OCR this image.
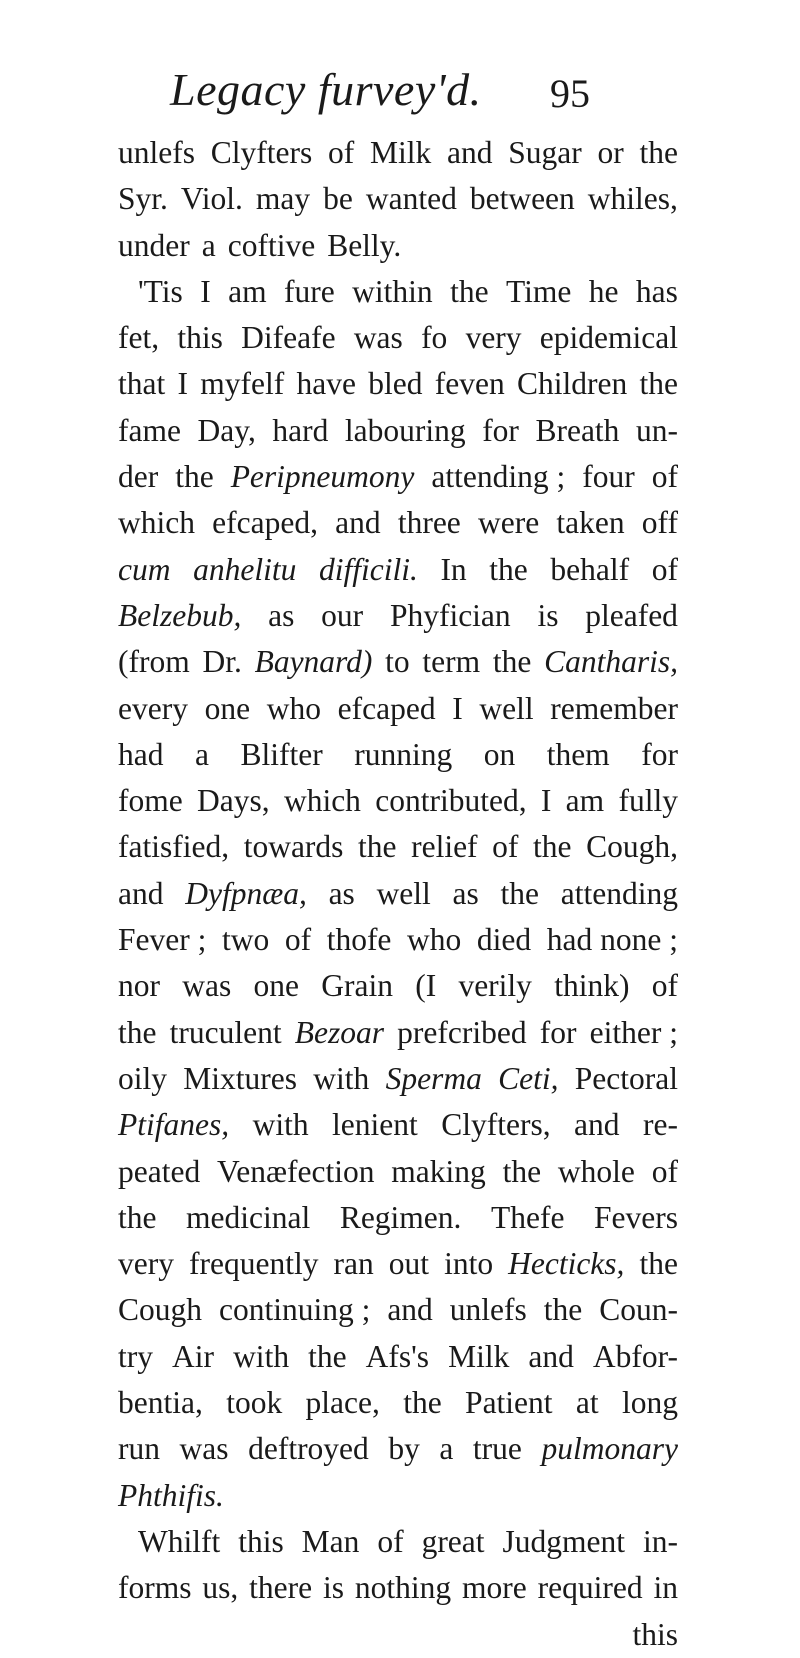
Legacy furvey'd. 95
unlefs Clyfters of Milk and Sugar or the
Syr. Viol. may be wanted between whiles,
under a coftive Belly.
'Tis I am fure within the Time he has
fet, this Difeafe was fo very epidemical
that I myfelf have bled feven Children the
fame Day, hard labouring for Breath un-
der the Peripneumony attending ; four of
which efcaped, and three were taken off
cum anhelitu difficili. In the behalf of
Belzebub, as our Phyfician is pleafed
(from Dr. Baynard) to term the Cantharis,
every one who efcaped I well remember
had a Blifter running on them for
fome Days, which contributed, I am fully
fatisfied, towards the relief of the Cough,
and Dyfpnæa, as well as the attending
Fever ; two of thofe who died had none ;
nor was one Grain (I verily think) of
the truculent Bezoar prefcribed for either ;
oily Mixtures with Sperma Ceti, Pectoral
Ptifanes, with lenient Clyfters, and re-
peated Venæfection making the whole of
the medicinal Regimen. Thefe Fevers
very frequently ran out into Hecticks, the
Cough continuing ; and unlefs the Coun-
try Air with the Afs's Milk and Abfor-
bentia, took place, the Patient at long
run was deftroyed by a true pulmonary
Phthifis.
Whilft this Man of great Judgment in-
forms us, there is nothing more required in
this
